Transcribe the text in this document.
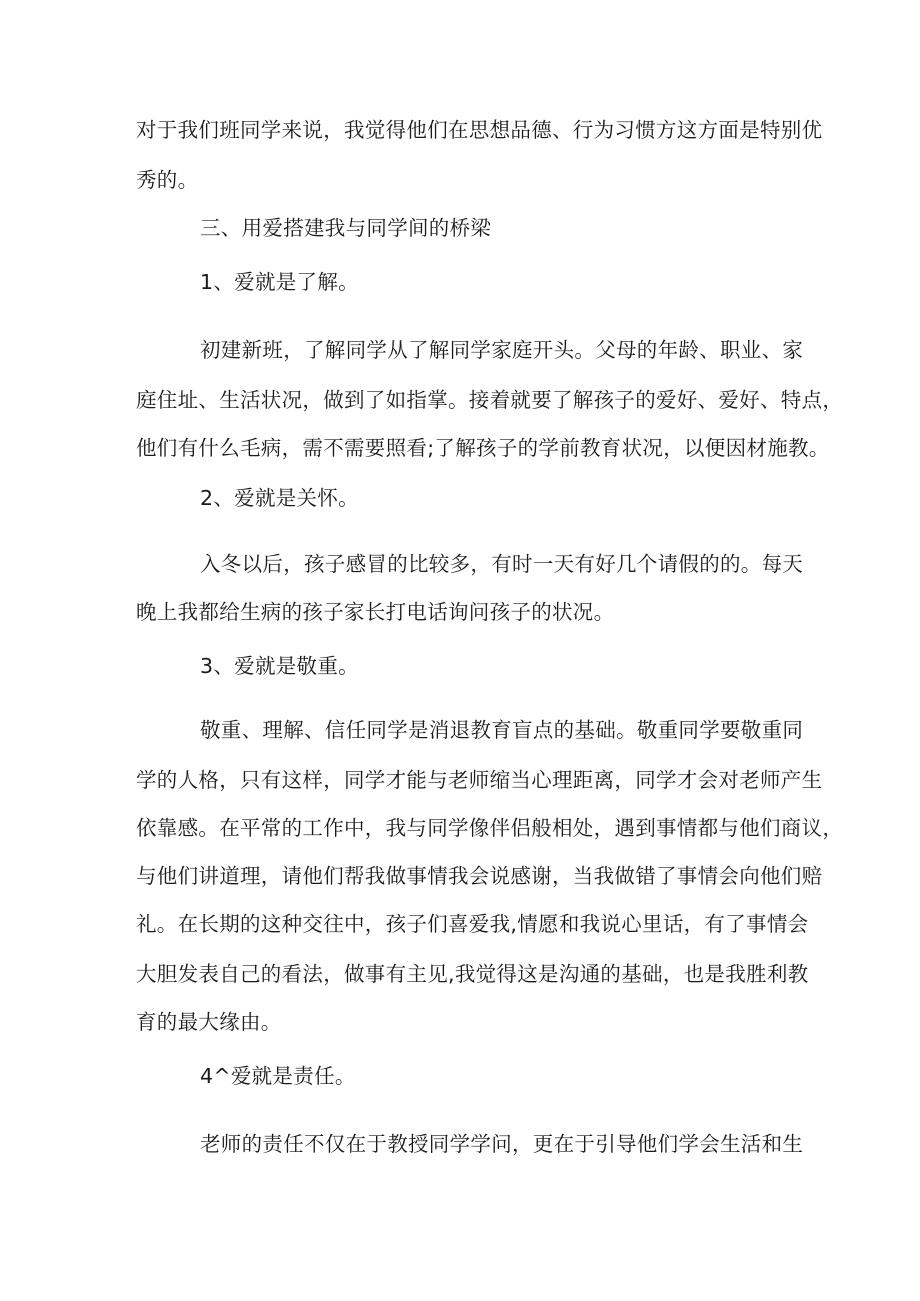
对于我们班同学来说，我觉得他们在思想品德、行为习惯方这方面是特别优
秀的。
三、用爱搭建我与同学间的桥梁
1、爱就是了解。
初建新班，了解同学从了解同学家庭开头。父母的年龄、职业、家
庭住址、生活状况，做到了如指掌。接着就要了解孩子的爱好、爱好、特点，
他们有什么毛病，需不需要照看;了解孩子的学前教育状况，以便因材施教。
2、爱就是关怀。
入冬以后，孩子感冒的比较多，有时一天有好几个请假的的。每天
晚上我都给生病的孩子家长打电话询问孩子的状况。
3、爱就是敬重。
敬重、理解、信任同学是消退教育盲点的基础。敬重同学要敬重同
学的人格，只有这样，同学才能与老师缩当心理距离，同学才会对老师产生
依靠感。在平常的工作中，我与同学像伴侣般相处，遇到事情都与他们商议，
与他们讲道理，请他们帮我做事情我会说感谢，当我做错了事情会向他们赔
礼。在长期的这种交往中，孩子们喜爱我,情愿和我说心里话，有了事情会
大胆发表自己的看法，做事有主见,我觉得这是沟通的基础，也是我胜利教
育的最大缘由。
4^爱就是责任。
老师的责任不仅在于教授同学学问，更在于引导他们学会生活和生
